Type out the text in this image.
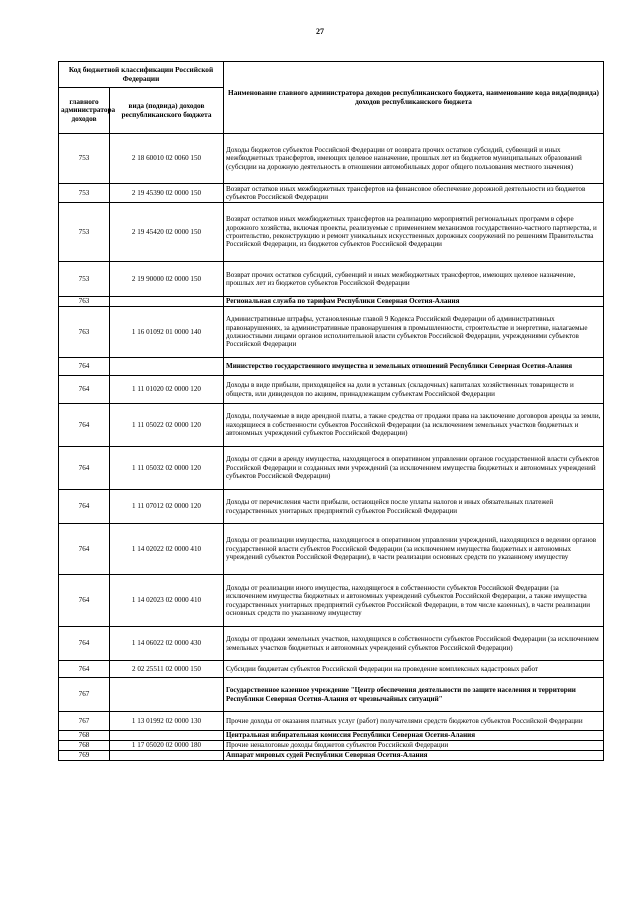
27
Код бюджетной классификации Российской Федерации		Наименование главного администратора доходов республиканского бюджета, наименование кода вида(подвида) доходов республиканского бюджета
главного администратора доходов	вида (подвида) доходов республиканского бюджета	
753	2 18 60010 02 0060 150	Доходы бюджетов субъектов Российской Федерации от возврата прочих остатков субсидий, субвенций и иных межбюджетных трансфертов, имеющих целевое назначение, прошлых лет из бюджетов муниципальных образований (субсидии на дорожную деятельность в отношении автомобильных дорог общего пользования местного значения)
753	2 19 45390 02 0000 150	Возврат остатков иных межбюджетных трансфертов на финансовое обеспечение дорожной деятельности из бюджетов субъектов Российской Федерации
753	2 19 45420 02 0000 150	Возврат остатков иных межбюджетных трансфертов на реализацию мероприятий региональных программ в сфере дорожного хозяйства, включая проекты, реализуемые с применением механизмов государственно-частного партнерства, и строительство, реконструкцию и ремонт уникальных искусственных дорожных сооружений по решениям Правительства Российской Федерации, из бюджетов субъектов Российской Федерации
753	2 19 90000 02 0000 150	Возврат прочих остатков субсидий, субвенций и иных межбюджетных трансфертов, имеющих целевое назначение, прошлых лет из бюджетов субъектов Российской Федерации
763		Региональная служба по тарифам Республики Северная Осетия-Алания
763	1 16 01092 01 0000 140	Административные штрафы, установленные главой 9 Кодекса Российской Федерации об административных правонарушениях, за административные правонарушения в промышленности, строительстве и энергетике, налагаемые должностными лицами органов исполнительной власти субъектов Российской Федерации, учреждениями субъектов Российской Федерации
764		Министерство государственного имущества и земельных отношений Республики Северная Осетия-Алания
764	1 11 01020 02 0000 120	Доходы в виде прибыли, приходящейся на доли в уставных (складочных) капиталах хозяйственных товариществ и обществ, или дивидендов по акциям, принадлежащим субъектам Российской Федерации
764	1 11 05022 02 0000 120	Доходы, получаемые в виде арендной платы, а также средства от продажи права на заключение договоров аренды за земли, находящиеся в собственности субъектов Российской Федерации (за исключением земельных участков бюджетных и автономных учреждений субъектов Российской Федерации)
764	1 11 05032 02 0000 120	Доходы от сдачи в аренду имущества, находящегося в оперативном управлении органов государственной власти субъектов Российской Федерации и созданных ими учреждений (за исключением имущества бюджетных и автономных учреждений субъектов Российской Федерации)
764	1 11 07012 02 0000 120	Доходы от перечисления части прибыли, остающейся после уплаты налогов и иных обязательных платежей государственных унитарных предприятий субъектов Российской Федерации
764	1 14 02022 02 0000 410	Доходы от реализации имущества, находящегося в оперативном управлении учреждений, находящихся в ведении органов государственной власти субъектов Российской Федерации (за исключением имущества бюджетных и автономных учреждений субъектов Российской Федерации), в части реализации основных средств по указанному имуществу
764	1 14 02023 02 0000 410	Доходы от реализации иного имущества, находящегося в собственности субъектов Российской Федерации (за исключением имущества бюджетных и автономных учреждений субъектов Российской Федерации, а также имущества государственных унитарных предприятий субъектов Российской Федерации, в том числе казенных), в части реализации основных средств по указанному имуществу
764	1 14 06022 02 0000 430	Доходы от продажи земельных участков, находящихся в собственности субъектов Российской Федерации (за исключением земельных участков бюджетных и автономных учреждений субъектов Российской Федерации)
764	2 02 25511 02 0000 150	Субсидии бюджетам субъектов Российской Федерации на проведение комплексных кадастровых работ
767		Государственное казенное учреждение "Центр обеспечения деятельности по защите населения и территории Республики Северная Осетия-Алания от чрезвычайных ситуаций"
767	1 13 01992 02 0000 130	Прочие доходы от оказания платных услуг (работ) получателями средств бюджетов субъектов Российской Федерации
768		Центральная избирательная комиссия Республики Северная Осетия-Алания
768	1 17 05020 02 0000 180	Прочие неналоговые доходы бюджетов субъектов Российской Федерации
769		Аппарат мировых судей Республики Северная Осетия-Алания
